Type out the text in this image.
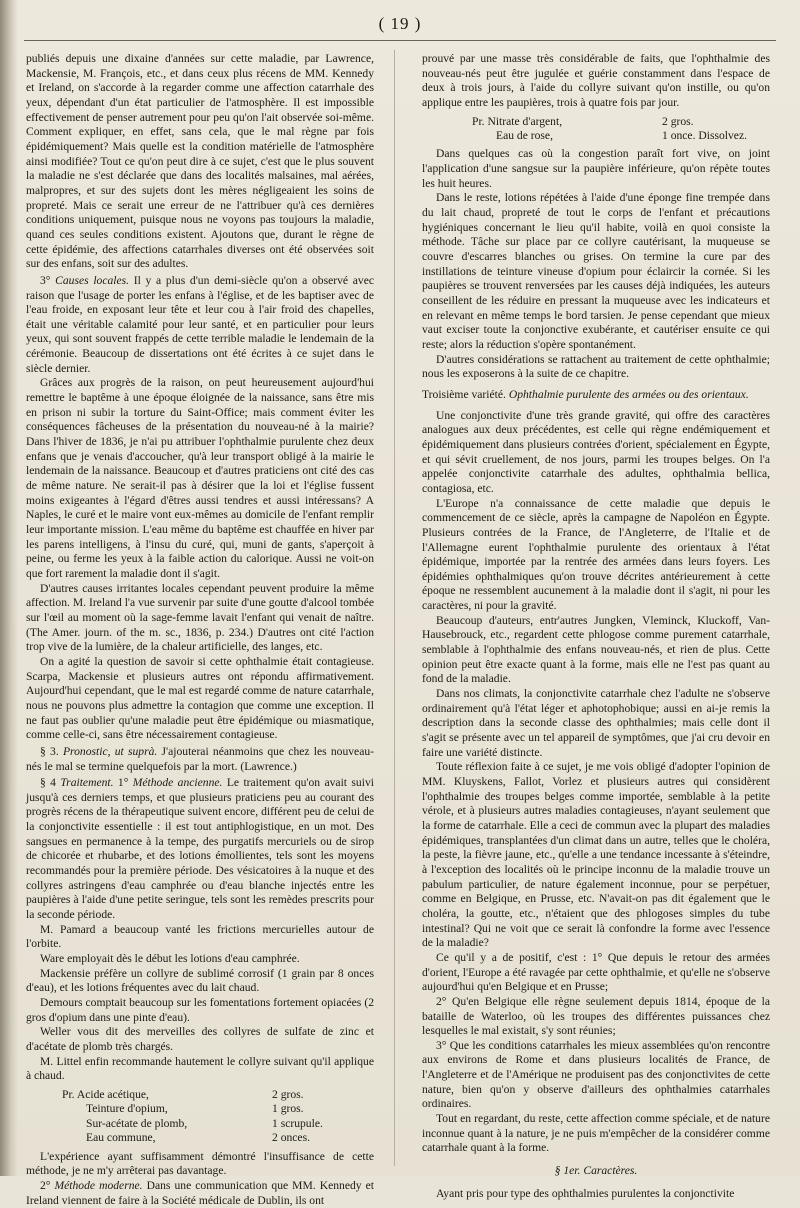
( 19 )

publiés depuis une dixaine d'années sur cette maladie, par Lawrence, Mackensie, M. François, etc., et dans ceux plus récens de MM. Kennedy et Ireland, on s'accorde à la regarder comme une affection catarrhale des yeux, dépendant d'un état particulier de l'atmosphère. Il est impossible effectivement de penser autrement pour peu qu'on l'ait observée soi-même. Comment expliquer, en effet, sans cela, que le mal règne par fois épidémiquement? Mais quelle est la condition matérielle de l'atmosphère ainsi modifiée? Tout ce qu'on peut dire à ce sujet, c'est que le plus souvent la maladie ne s'est déclarée que dans des localités malsaines, mal aérées, malpropres, et sur des sujets dont les mères négligeaient les soins de propreté. Mais ce serait une erreur de ne l'attribuer qu'à ces dernières conditions uniquement, puisque nous ne voyons pas toujours la maladie, quand ces seules conditions existent. Ajoutons que, durant le règne de cette épidémie, des affections catarrhales diverses ont été observées soit sur des enfans, soit sur des adultes.

3° Causes locales. Il y a plus d'un demi-siècle qu'on a observé avec raison que l'usage de porter les enfans à l'église, et de les baptiser avec de l'eau froide, en exposant leur tête et leur cou à l'air froid des chapelles, était une véritable calamité pour leur santé, et en particulier pour leurs yeux, qui sont souvent frappés de cette terrible maladie le lendemain de la cérémonie. Beaucoup de dissertations ont été écrites à ce sujet dans le siècle dernier.

Grâces aux progrès de la raison, on peut heureusement aujourd'hui remettre le baptême à une époque éloignée de la naissance, sans être mis en prison ni subir la torture du Saint-Office; mais comment éviter les conséquences fâcheuses de la présentation du nouveau-né à la mairie? Dans l'hiver de 1836, je n'ai pu attribuer l'ophthalmie purulente chez deux enfans que je venais d'accoucher, qu'à leur transport obligé à la mairie le lendemain de la naissance. Beaucoup et d'autres praticiens ont cité des cas de même nature. Ne serait-il pas à désirer que la loi et l'église fussent moins exigeantes à l'égard d'êtres aussi tendres et aussi intéressans? A Naples, le curé et le maire vont eux-mêmes au domicile de l'enfant remplir leur importante mission. L'eau même du baptême est chauffée en hiver par les parens intelligens, à l'insu du curé, qui, muni de gants, s'aperçoit à peine, ou ferme les yeux à la faible action du calorique. Aussi ne voit-on que fort rarement la maladie dont il s'agit.

D'autres causes irritantes locales cependant peuvent produire la même affection. M. Ireland l'a vue survenir par suite d'une goutte d'alcool tombée sur l'œil au moment où la sage-femme lavait l'enfant qui venait de naître. (The Amer. journ. of the m. sc., 1836, p. 234.) D'autres ont cité l'action trop vive de la lumière, de la chaleur artificielle, des langes, etc.

On a agité la question de savoir si cette ophthalmie était contagieuse. Scarpa, Mackensie et plusieurs autres ont répondu affirmativement. Aujourd'hui cependant, que le mal est regardé comme de nature catarrhale, nous ne pouvons plus admettre la contagion que comme une exception. Il ne faut pas oublier qu'une maladie peut être épidémique ou miasmatique, comme celle-ci, sans être nécessairement contagieuse.

§ 3. Pronostic, ut suprà. J'ajouterai néanmoins que chez les nouveau-nés le mal se termine quelquefois par la mort. (Lawrence.)

§ 4 Traitement. 1° Méthode ancienne. Le traitement qu'on avait suivi jusqu'à ces derniers temps, et que plusieurs praticiens peu au courant des progrès récens de la thérapeutique suivent encore, différent peu de celui de la conjonctivite essentielle : il est tout antiphlogistique, en un mot. Des sangsues en permanence à la tempe, des purgatifs mercuriels ou de sirop de chicorée et rhubarbe, et des lotions émollientes, tels sont les moyens recommandés pour la première période. Des vésicatoires à la nuque et des collyres astringens d'eau camphrée ou d'eau blanche injectés entre les paupières à l'aide d'une petite seringue, tels sont les remèdes prescrits pour la seconde période.

M. Pamard a beaucoup vanté les frictions mercurielles autour de l'orbite.

Ware employait dès le début les lotions d'eau camphrée.

Mackensie préfère un collyre de sublimé corrosif (1 grain par 8 onces d'eau), et les lotions fréquentes avec du lait chaud.

Demours comptait beaucoup sur les fomentations fortement opiacées (2 gros d'opium dans une pinte d'eau).

Weller vous dit des merveilles des collyres de sulfate de zinc et d'acétate de plomb très chargés.

M. Littel enfin recommande hautement le collyre suivant qu'il applique à chaud.

Pr. Acide acétique,	2 gros.
Teinture d'opium,	1 gros.
Sur-acétate de plomb,	1 scrupule.
Eau commune,	2 onces.

L'expérience ayant suffisamment démontré l'insuffisance de cette méthode, je ne m'y arrêterai pas davantage.

2° Méthode moderne. Dans une communication que MM. Kennedy et Ireland viennent de faire à la Société médicale de Dublin, ils ont

prouvé par une masse très considérable de faits, que l'ophthalmie des nouveau-nés peut être jugulée et guérie constamment dans l'espace de deux à trois jours, à l'aide du collyre suivant qu'on instille, ou qu'on applique entre les paupières, trois à quatre fois par jour.

Pr. Nitrate d'argent,	2 gros.
Eau de rose,	1 once. Dissolvez.

Dans quelques cas où la congestion paraît fort vive, on joint l'application d'une sangsue sur la paupière inférieure, qu'on répète toutes les huit heures.

Dans le reste, lotions répétées à l'aide d'une éponge fine trempée dans du lait chaud, propreté de tout le corps de l'enfant et précautions hygiéniques concernant le lieu qu'il habite, voilà en quoi consiste la méthode. Tâche sur place par ce collyre cautérisant, la muqueuse se couvre d'escarres blanches ou grises. On termine la cure par des instillations de teinture vineuse d'opium pour éclaircir la cornée. Si les paupières se trouvent renversées par les causes déjà indiquées, les auteurs conseillent de les réduire en pressant la muqueuse avec les indicateurs et en relevant en même temps le bord tarsien. Je pense cependant que mieux vaut exciser toute la conjonctive exubérante, et cautériser ensuite ce qui reste; alors la réduction s'opère spontanément.

D'autres considérations se rattachent au traitement de cette ophthalmie; nous les exposerons à la suite de ce chapitre.

Troisième variété. Ophthalmie purulente des armées ou des orientaux.

Une conjonctivite d'une très grande gravité, qui offre des caractères analogues aux deux précédentes, est celle qui règne endémiquement et épidémiquement dans plusieurs contrées d'orient, spécialement en Égypte, et qui sévit cruellement, de nos jours, parmi les troupes belges. On l'a appelée conjonctivite catarrhale des adultes, ophthalmia bellica, contagiosa, etc.

L'Europe n'a connaissance de cette maladie que depuis le commencement de ce siècle, après la campagne de Napoléon en Égypte. Plusieurs contrées de la France, de l'Angleterre, de l'Italie et de l'Allemagne eurent l'ophthalmie purulente des orientaux à l'état épidémique, importée par la rentrée des armées dans leurs foyers. Les épidémies ophthalmiques qu'on trouve décrites antérieurement à cette époque ne ressemblent aucunement à la maladie dont il s'agit, ni pour les caractères, ni pour la gravité.

Beaucoup d'auteurs, entr'autres Jungken, Vleminck, Kluckoff, Van-Hausebrouck, etc., regardent cette phlogose comme purement catarrhale, semblable à l'ophthalmie des enfans nouveau-nés, et rien de plus. Cette opinion peut être exacte quant à la forme, mais elle ne l'est pas quant au fond de la maladie.

Dans nos climats, la conjonctivite catarrhale chez l'adulte ne s'observe ordinairement qu'à l'état léger et aphotophobique; aussi en ai-je remis la description dans la seconde classe des ophthalmies; mais celle dont il s'agit se présente avec un tel appareil de symptômes, que j'ai cru devoir en faire une variété distincte.

Toute réflexion faite à ce sujet, je me vois obligé d'adopter l'opinion de MM. Kluyskens, Fallot, Vorlez et plusieurs autres qui considèrent l'ophthalmie des troupes belges comme importée, semblable à la petite vérole, et à plusieurs autres maladies contagieuses, n'ayant seulement que la forme de catarrhale. Elle a ceci de commun avec la plupart des maladies épidémiques, transplantées d'un climat dans un autre, telles que le choléra, la peste, la fièvre jaune, etc., qu'elle a une tendance incessante à s'éteindre, à l'exception des localités où le principe inconnu de la maladie trouve un pabulum particulier, de nature également inconnue, pour se perpétuer, comme en Belgique, en Prusse, etc. N'avait-on pas dit également que le choléra, la goutte, etc., n'étaient que des phlogoses simples du tube intestinal? Qui ne voit que ce serait là confondre la forme avec l'essence de la maladie?

Ce qu'il y a de positif, c'est : 1° Que depuis le retour des armées d'orient, l'Europe a été ravagée par cette ophthalmie, et qu'elle ne s'observe aujourd'hui qu'en Belgique et en Prusse;

2° Qu'en Belgique elle règne seulement depuis 1814, époque de la bataille de Waterloo, où les troupes des différentes puissances chez lesquelles le mal existait, s'y sont réunies;

3° Que les conditions catarrhales les mieux assemblées qu'on rencontre aux environs de Rome et dans plusieurs localités de France, de l'Angleterre et de l'Amérique ne produisent pas des conjonctivites de cette nature, bien qu'on y observe d'ailleurs des ophthalmies catarrhales ordinaires.

Tout en regardant, du reste, cette affection comme spéciale, et de nature inconnue quant à la nature, je ne puis m'empêcher de la considérer comme catarrhale quant à la forme.

§ 1er. Caractères.

Ayant pris pour type des ophthalmies purulentes la conjonctivite
